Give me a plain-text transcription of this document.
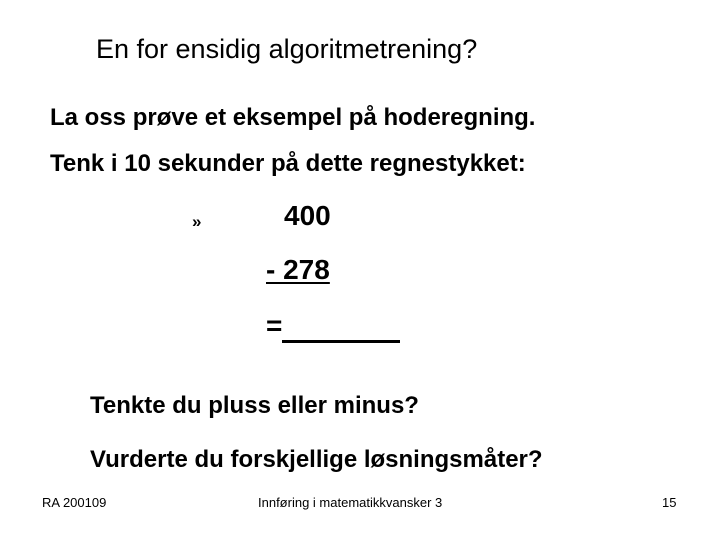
En for ensidig algoritmetrening?
La oss prøve et eksempel på hoderegning.
Tenk i 10 sekunder på dette regnestykket:
»	400
- 278
=
Tenkte du pluss eller minus?
Vurderte du forskjellige løsningsmåter?
RA 200109	Innføring i matematikkvansker 3	15
